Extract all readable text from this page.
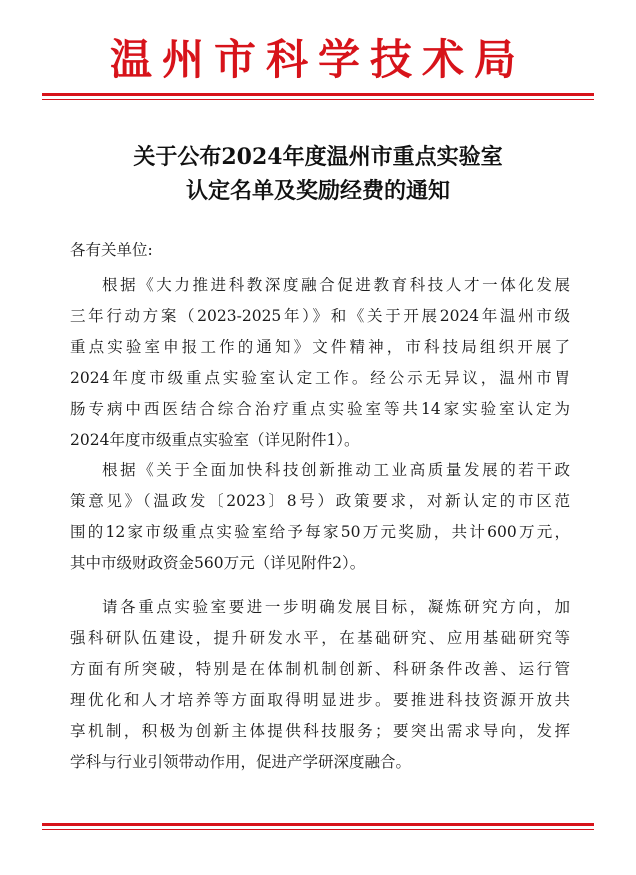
温州市科学技术局
关于公布2024年度温州市重点实验室
认定名单及奖励经费的通知
各有关单位:
根据《大力推进科教深度融合促进教育科技人才一体化发展
三年行动方案（2023-2025年）》和《关于开展2024年温州市级
重点实验室申报工作的通知》文件精神，市科技局组织开展了
2024年度市级重点实验室认定工作。经公示无异议，温州市胃
肠专病中西医结合综合治疗重点实验室等共14家实验室认定为
2024年度市级重点实验室（详见附件1）。
根据《关于全面加快科技创新推动工业高质量发展的若干政
策意见》（温政发〔2023〕8号）政策要求，对新认定的市区范
围的12家市级重点实验室给予每家50万元奖励，共计600万元，
其中市级财政资金560万元（详见附件2）。
请各重点实验室要进一步明确发展目标，凝炼研究方向，加
强科研队伍建设，提升研发水平，在基础研究、应用基础研究等
方面有所突破，特别是在体制机制创新、科研条件改善、运行管
理优化和人才培养等方面取得明显进步。要推进科技资源开放共
享机制，积极为创新主体提供科技服务；要突出需求导向，发挥
学科与行业引领带动作用，促进产学研深度融合。
